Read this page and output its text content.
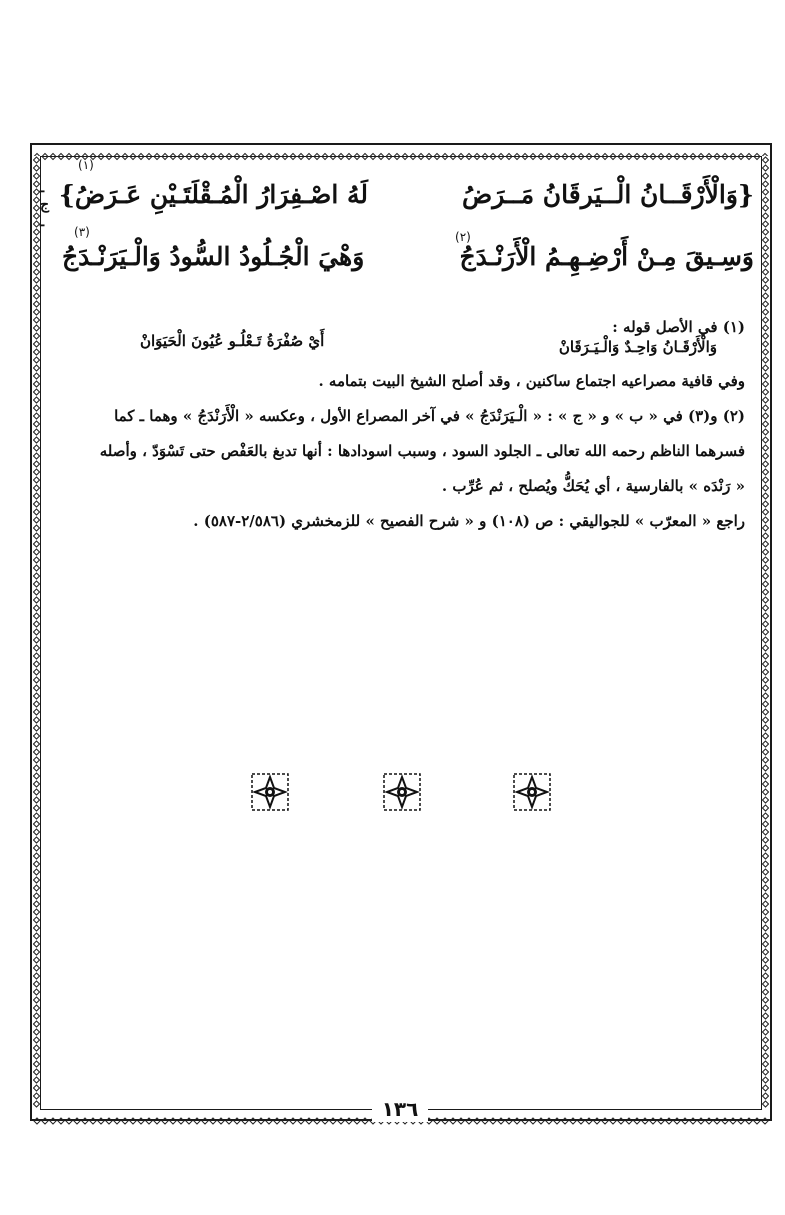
ـ ج ـ
{وَالْأَرْقَــانُ الْــيَرقَانُ مَــرَضُ
لَهُ اصْـفِرَارُ الْمُـقْلَتَـيْنِ عَـرَضُ}
(١)
وَسِـيقَ مِـنْ أَرْضِـهِـمُ الْأَرَنْـدَجُ
وَهْيَ الْجُـلُودُ السُّودُ وَالْـيَرَنْـدَجُ
(٢)
(٣)
(١) في الأصل قوله :
وَالْأَرْقَـانُ وَاحِـدٌ وَالْـيَـرَقَانْ
أَيْ صُفْرَةُ تَـعْلُـو عُيُونَ الْحَيَوَانْ
وفي قافية مصراعيه اجتماع ساكنين ، وقد أصلح الشيخ البيت بتمامه .
(٢) و(٣) في « ب » و « ج » : « الْـيَرَنْدَجُ » في آخر المصراع الأول ، وعكسه « الْأَرَنْدَجُ » وهما ـ كما
فسرهما الناظم رحمه الله تعالى ـ الجلود السود ، وسبب اسودادها : أنها تدبغ بالعَفْص حتى تَسْوَدّ ، وأصله
« رَنْدَه » بالفارسية ، أي يُحَكُّ ويُصلح ، ثم عُرِّب .
راجع « المعرّب » للجواليقي : ص (١٠٨) و « شرح الفصيح » للزمخشري (٢/٥٨٦-٥٨٧) .
١٣٦
